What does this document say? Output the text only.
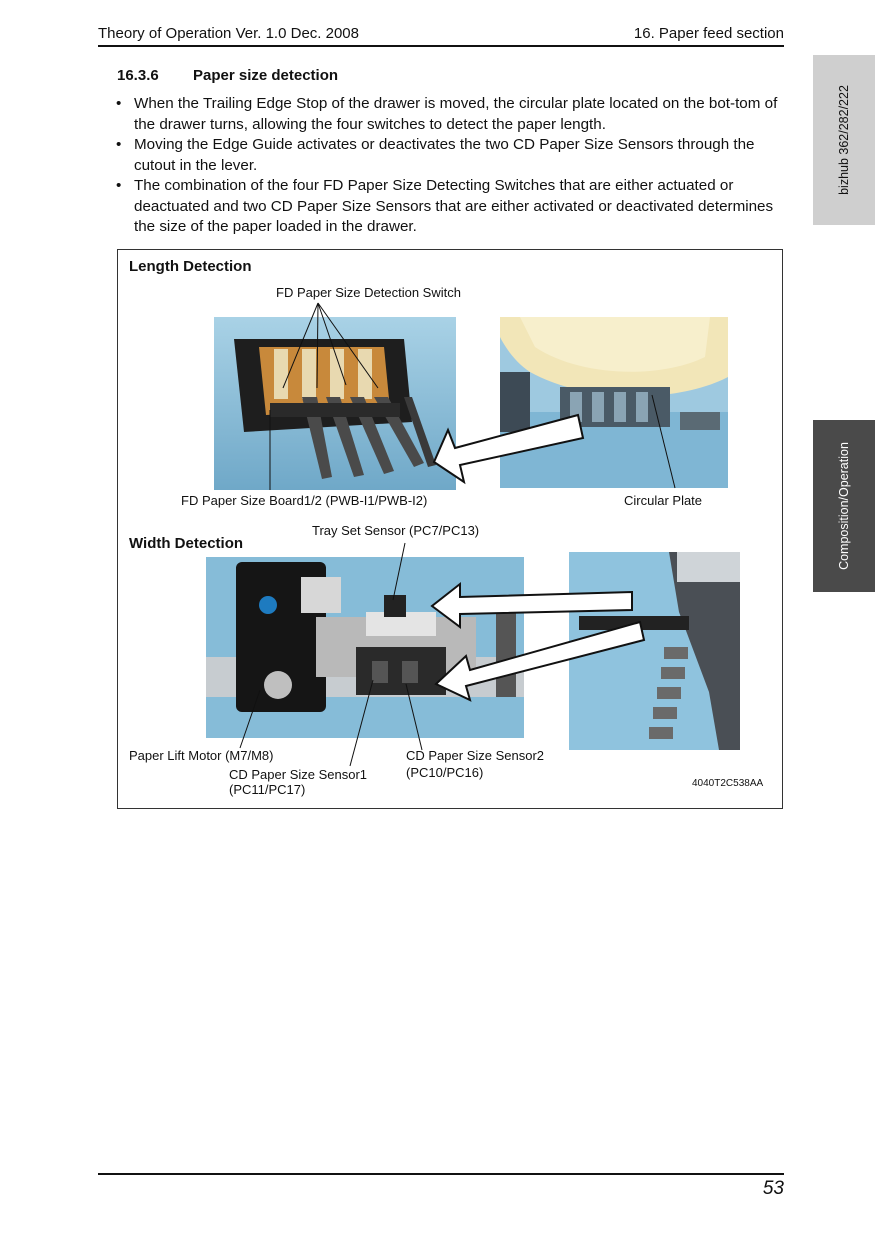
Theory of Operation Ver. 1.0 Dec. 2008	16. Paper feed section
bizhub 362/282/222
Composition/Operation
16.3.6 Paper size detection
• When the Trailing Edge Stop of the drawer is moved, the circular plate located on the bot-tom of the drawer turns, allowing the four switches to detect the paper length.
• Moving the Edge Guide activates or deactivates the two CD Paper Size Sensors through the cutout in the lever.
• The combination of the four FD Paper Size Detecting Switches that are either actuated or deactuated and two CD Paper Size Sensors that are either activated or deactivated determines the size of the paper loaded in the drawer.
Length Detection
FD Paper Size Detection Switch
FD Paper Size Board1/2 (PWB-I1/PWB-I2)	Circular Plate
Width Detection
Tray Set Sensor (PC7/PC13)
Paper Lift Motor (M7/M8)
CD Paper Size Sensor1
(PC11/PC17)
CD Paper Size Sensor2
(PC10/PC16)
4040T2C538AA
53
